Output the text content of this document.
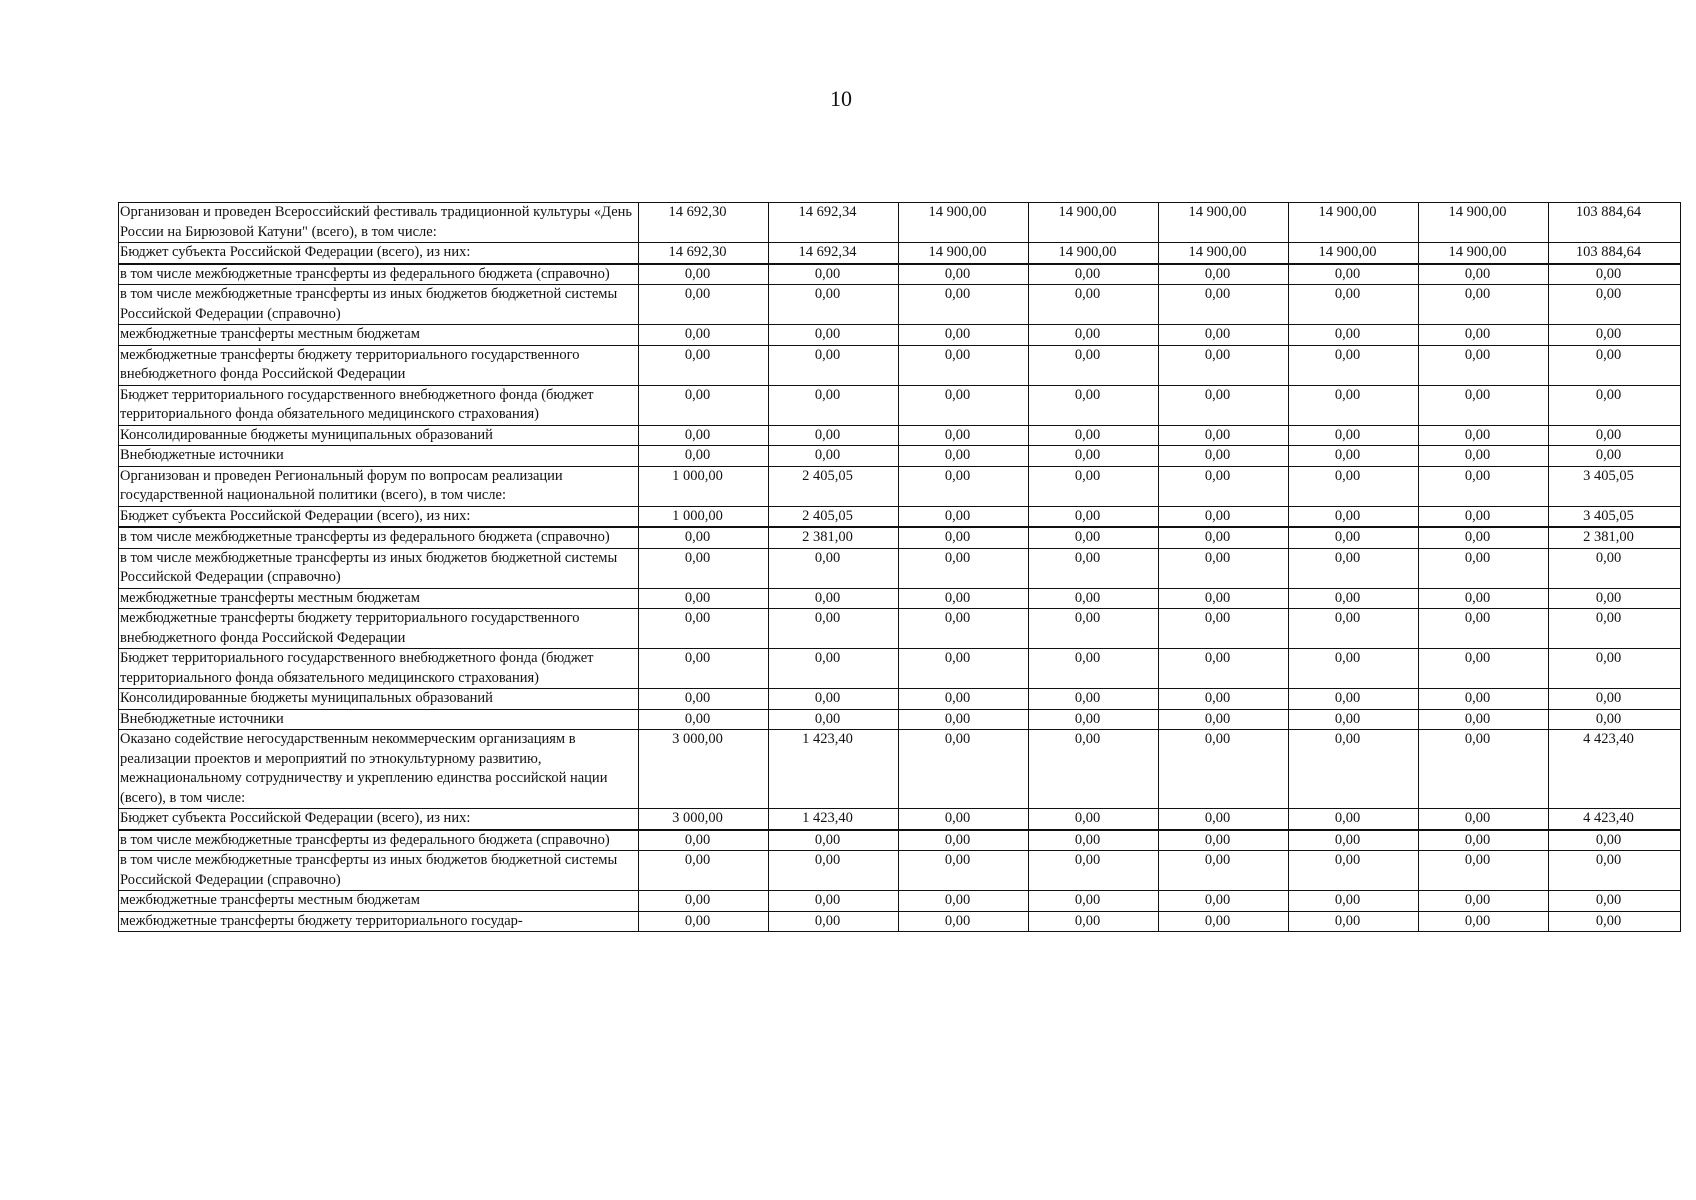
10
Организован и проведен Всероссийский фестиваль традиционной культуры «День России на Бирюзовой Катуни" (всего), в том числе:	14 692,30	14 692,34	14 900,00	14 900,00	14 900,00	14 900,00	14 900,00	103 884,64
Бюджет субъекта Российской Федерации (всего), из них:	14 692,30	14 692,34	14 900,00	14 900,00	14 900,00	14 900,00	14 900,00	103 884,64
в том числе межбюджетные трансферты из федерального бюджета (справочно)	0,00	0,00	0,00	0,00	0,00	0,00	0,00	0,00
в том числе межбюджетные трансферты из иных бюджетов бюджетной системы Российской Федерации (справочно)	0,00	0,00	0,00	0,00	0,00	0,00	0,00	0,00
межбюджетные трансферты местным бюджетам	0,00	0,00	0,00	0,00	0,00	0,00	0,00	0,00
межбюджетные трансферты бюджету территориального государственного внебюджетного фонда Российской Федерации	0,00	0,00	0,00	0,00	0,00	0,00	0,00	0,00
Бюджет территориального государственного внебюджетного фонда (бюджет территориального фонда обязательного медицинского страхования)	0,00	0,00	0,00	0,00	0,00	0,00	0,00	0,00
Консолидированные бюджеты муниципальных образований	0,00	0,00	0,00	0,00	0,00	0,00	0,00	0,00
Внебюджетные источники	0,00	0,00	0,00	0,00	0,00	0,00	0,00	0,00
Организован и проведен Региональный форум по вопросам реализации государственной национальной политики (всего), в том числе:	1 000,00	2 405,05	0,00	0,00	0,00	0,00	0,00	3 405,05
Бюджет субъекта Российской Федерации (всего), из них:	1 000,00	2 405,05	0,00	0,00	0,00	0,00	0,00	3 405,05
в том числе межбюджетные трансферты из федерального бюджета (справочно)	0,00	2 381,00	0,00	0,00	0,00	0,00	0,00	2 381,00
в том числе межбюджетные трансферты из иных бюджетов бюджетной системы Российской Федерации (справочно)	0,00	0,00	0,00	0,00	0,00	0,00	0,00	0,00
межбюджетные трансферты местным бюджетам	0,00	0,00	0,00	0,00	0,00	0,00	0,00	0,00
межбюджетные трансферты бюджету территориального государственного внебюджетного фонда Российской Федерации	0,00	0,00	0,00	0,00	0,00	0,00	0,00	0,00
Бюджет территориального государственного внебюджетного фонда (бюджет территориального фонда обязательного медицинского страхования)	0,00	0,00	0,00	0,00	0,00	0,00	0,00	0,00
Консолидированные бюджеты муниципальных образований	0,00	0,00	0,00	0,00	0,00	0,00	0,00	0,00
Внебюджетные источники	0,00	0,00	0,00	0,00	0,00	0,00	0,00	0,00
Оказано содействие негосударственным некоммерческим организациям в реализации проектов и мероприятий по этнокультурному развитию, межнациональному сотрудничеству и укреплению единства российской нации (всего), в том числе:	3 000,00	1 423,40	0,00	0,00	0,00	0,00	0,00	4 423,40
Бюджет субъекта Российской Федерации (всего), из них:	3 000,00	1 423,40	0,00	0,00	0,00	0,00	0,00	4 423,40
в том числе межбюджетные трансферты из федерального бюджета (справочно)	0,00	0,00	0,00	0,00	0,00	0,00	0,00	0,00
в том числе межбюджетные трансферты из иных бюджетов бюджетной системы Российской Федерации (справочно)	0,00	0,00	0,00	0,00	0,00	0,00	0,00	0,00
межбюджетные трансферты местным бюджетам	0,00	0,00	0,00	0,00	0,00	0,00	0,00	0,00
межбюджетные трансферты бюджету территориального государ-	0,00	0,00	0,00	0,00	0,00	0,00	0,00	0,00
